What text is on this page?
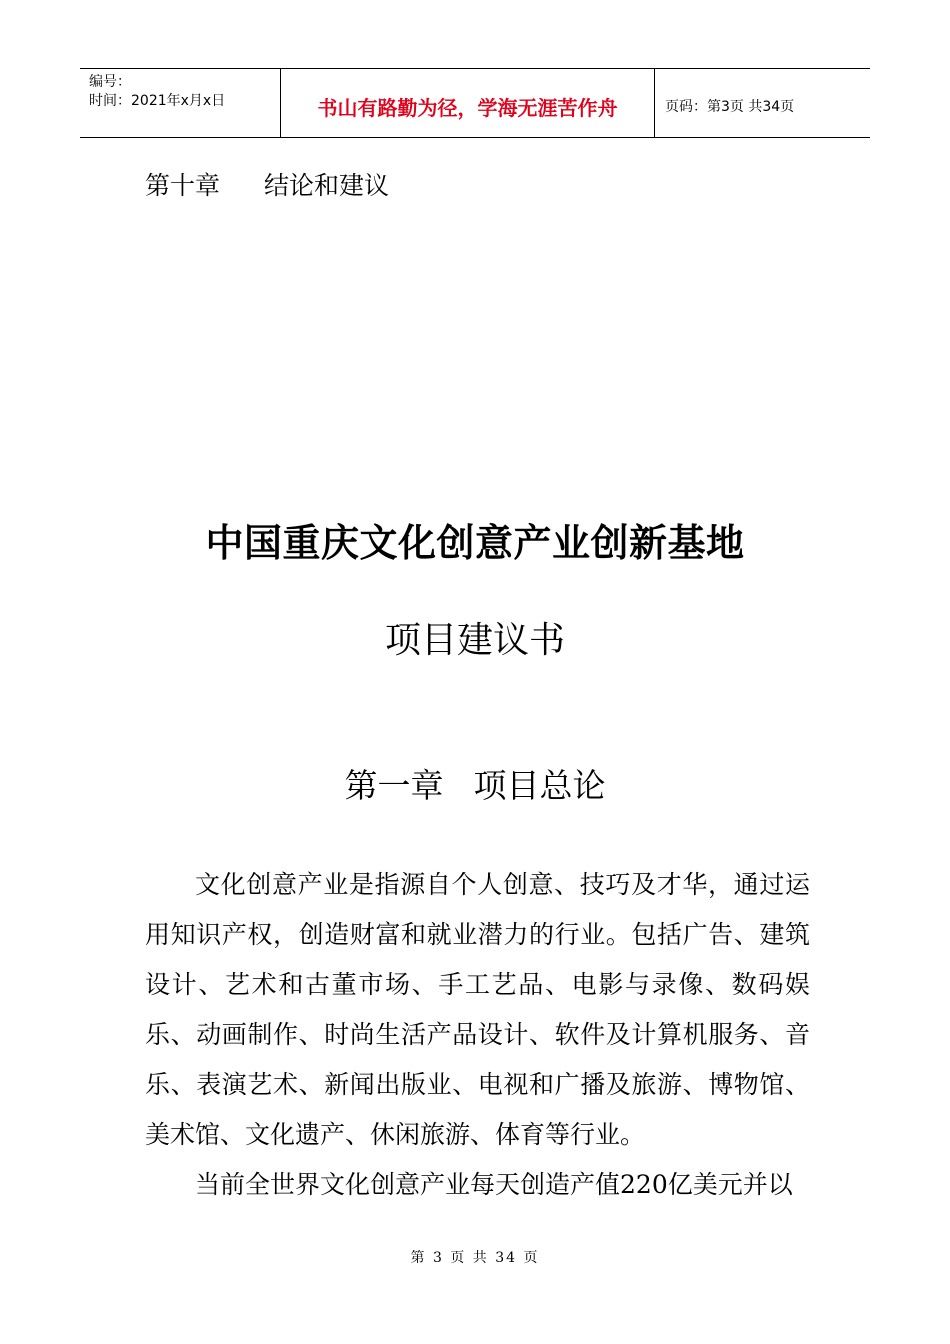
编号：
时间：2021年x月x日	书山有路勤为径，学海无涯苦作舟	页码：第3页 共34页
第十章 结论和建议
中国重庆文化创意产业创新基地
项目建议书
第一章 项目总论

文化创意产业是指源自个人创意、技巧及才华，通过运用知识产权，创造财富和就业潜力的行业。包括广告、建筑设计、艺术和古董市场、手工艺品、电影与录像、数码娱乐、动画制作、时尚生活产品设计、软件及计算机服务、音乐、表演艺术、新闻出版业、电视和广播及旅游、博物馆、美术馆、文化遗产、休闲旅游、体育等行业。

当前全世界文化创意产业每天创造产值220亿美元并以

第 3 页 共 34 页
